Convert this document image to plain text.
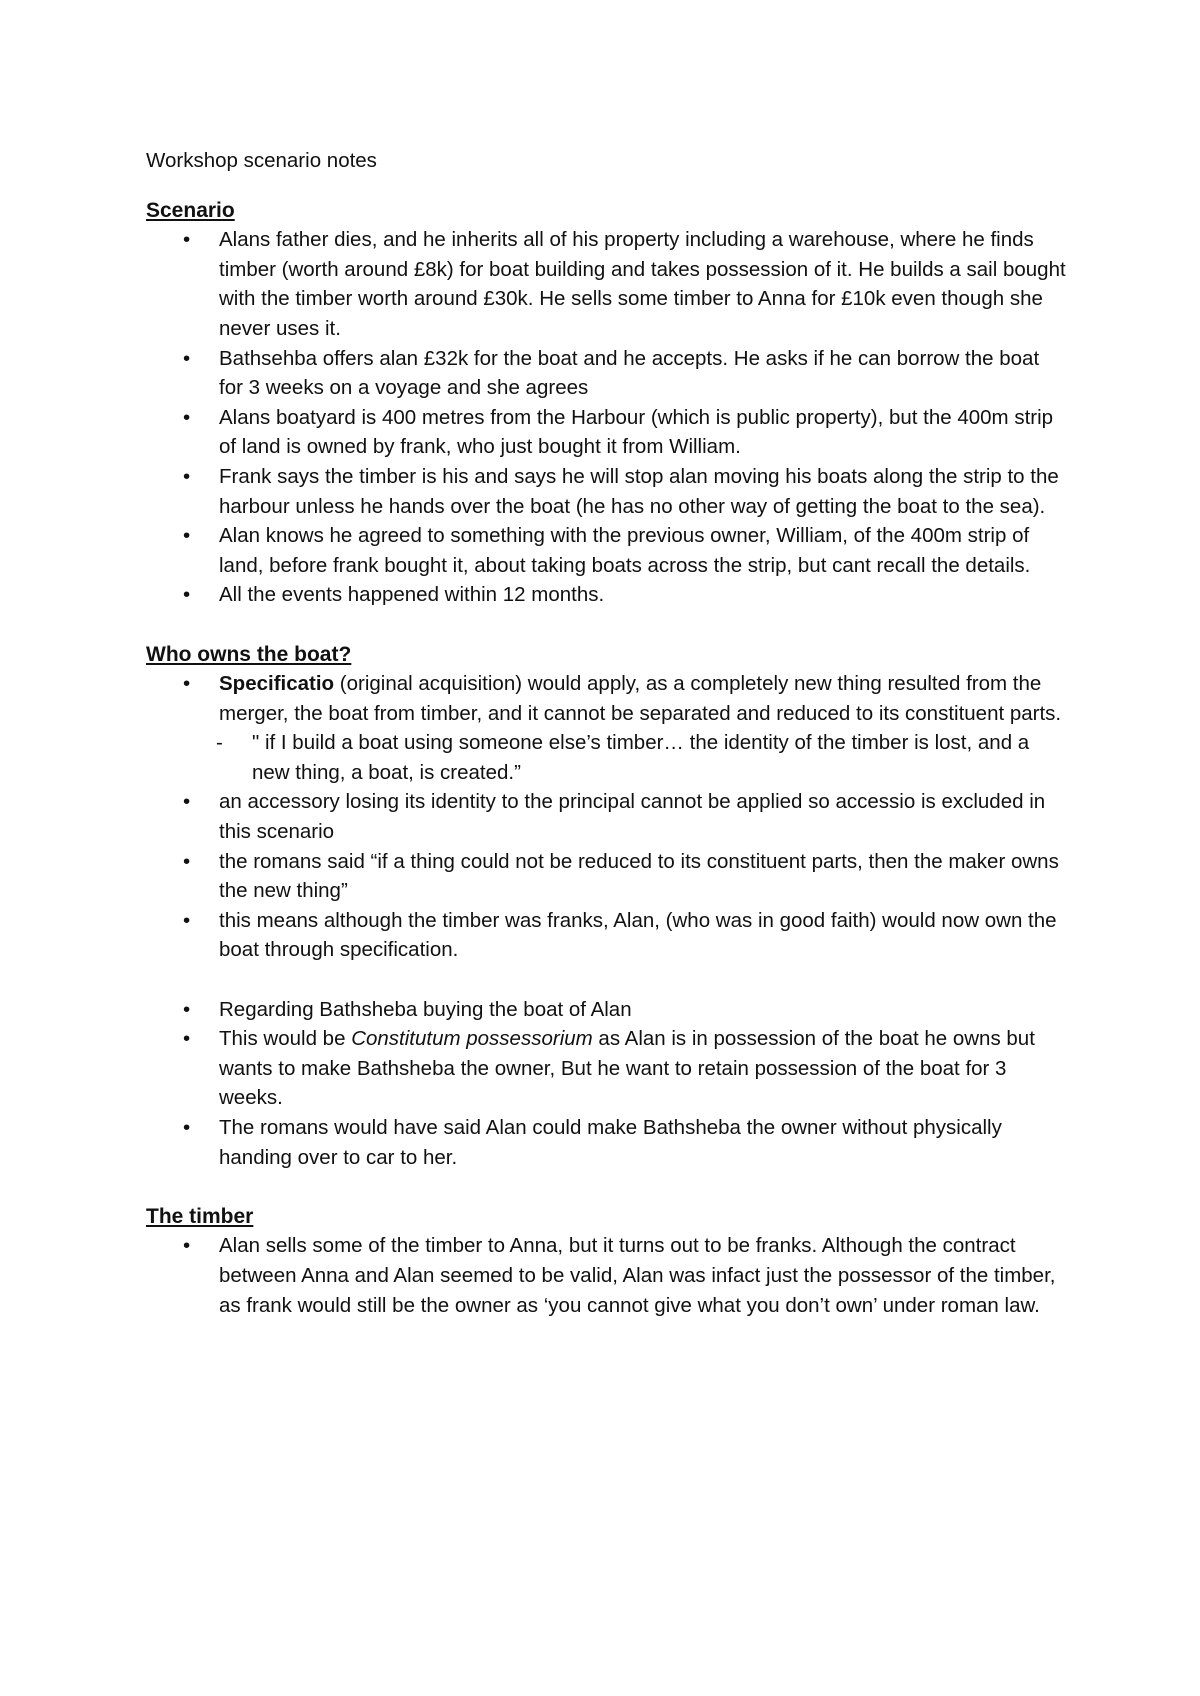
Workshop scenario notes

Scenario
• Alans father dies, and he inherits all of his property including a warehouse, where he finds timber (worth around £8k) for boat building and takes possession of it. He builds a sail bought with the timber worth around £30k. He sells some timber to Anna for £10k even though she never uses it.
• Bathsehba offers alan £32k for the boat and he accepts. He asks if he can borrow the boat for 3 weeks on a voyage and she agrees
• Alans boatyard is 400 metres from the Harbour (which is public property), but the 400m strip of land is owned by frank, who just bought it from William.
• Frank says the timber is his and says he will stop alan moving his boats along the strip to the harbour unless he hands over the boat (he has no other way of getting the boat to the sea).
• Alan knows he agreed to something with the previous owner, William, of the 400m strip of land, before frank bought it, about taking boats across the strip, but cant recall the details.
• All the events happened within 12 months.
Who owns the boat?
• Specificatio (original acquisition) would apply, as a completely new thing resulted from the merger, the boat from timber, and it cannot be separated and reduced to its constituent parts.
- " if I build a boat using someone else’s timber… the identity of the timber is lost, and a new thing, a boat, is created.”
• an accessory losing its identity to the principal cannot be applied so accessio is excluded in this scenario
• the romans said “if a thing could not be reduced to its constituent parts, then the maker owns the new thing”
• this means although the timber was franks, Alan, (who was in good faith) would now own the boat through specification.
• Regarding Bathsheba buying the boat of Alan
• This would be Constitutum possessorium as Alan is in possession of the boat he owns but wants to make Bathsheba the owner, But he want to retain possession of the boat for 3 weeks.
• The romans would have said Alan could make Bathsheba the owner without physically handing over to car to her.
The timber
• Alan sells some of the timber to Anna, but it turns out to be franks. Although the contract between Anna and Alan seemed to be valid, Alan was infact just the possessor of the timber, as frank would still be the owner as ‘you cannot give what you don’t own’ under roman law.
